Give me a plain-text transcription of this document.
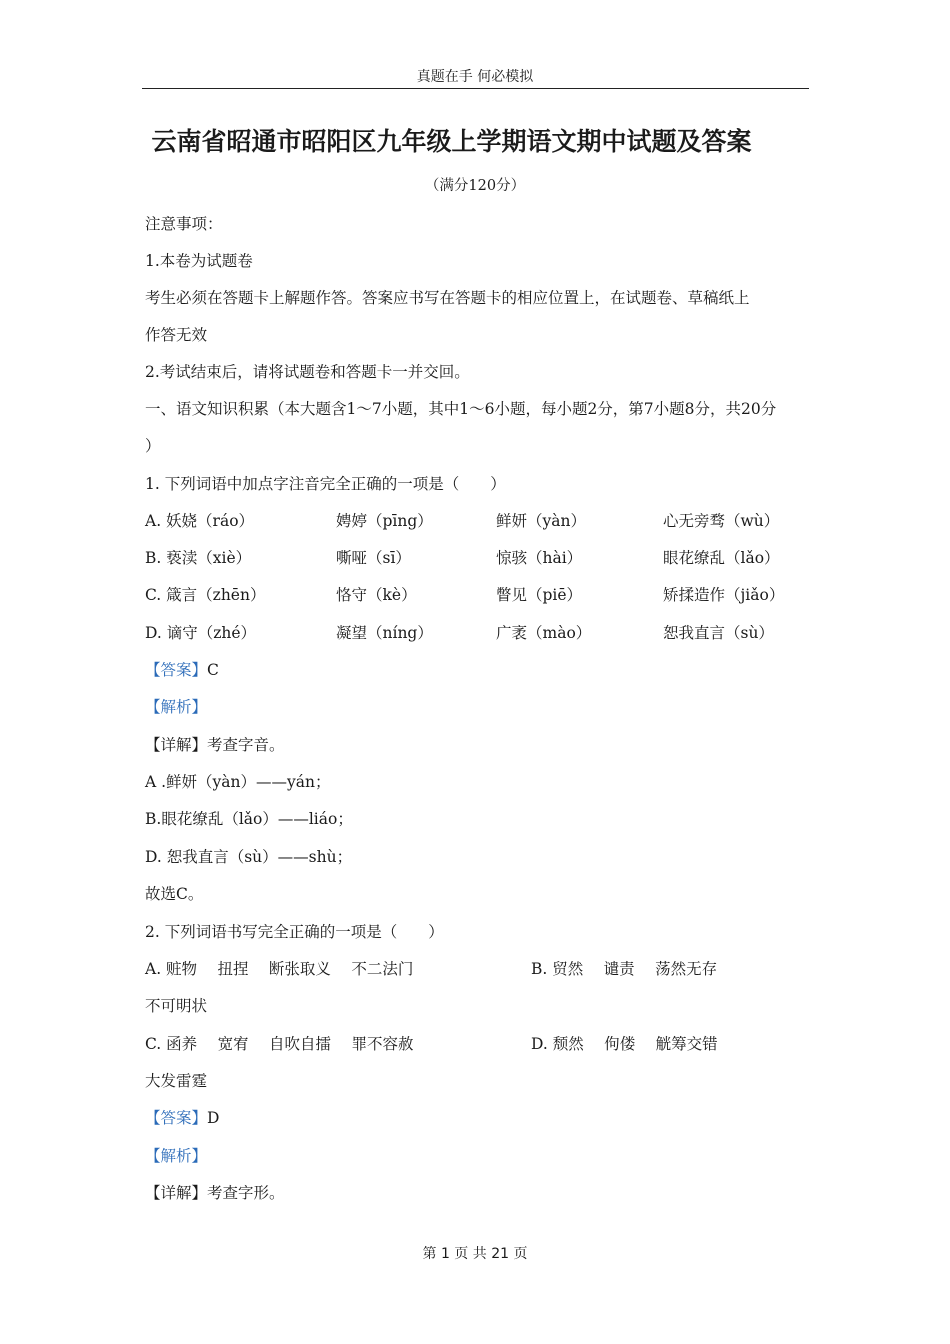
真题在手 何必模拟
云南省昭通市昭阳区九年级上学期语文期中试题及答案
（满分120分）
注意事项：
1.本卷为试题卷
考生必须在答题卡上解题作答。答案应书写在答题卡的相应位置上，在试题卷、草稿纸上
作答无效
2.考试结束后，请将试题卷和答题卡一并交回。
一、语文知识积累（本大题含1～7小题，其中1～6小题，每小题2分，第7小题8分，共20分
）
1. 下列词语中加点字注音完全正确的一项是（　　）
A. 妖娆（ráo）	娉婷（pīng）	鲜妍（yàn）	心无旁骛（wù）
B. 亵渎（xiè）	嘶哑（sī）	惊骇（hài）	眼花缭乱（lǎo）
C. 箴言（zhēn）	恪守（kè）	瞥见（piē）	矫揉造作（jiǎo）
D. 谪守（zhé）	凝望（níng）	广袤（mào）	恕我直言（sù）
【答案】C
【解析】
【详解】考查字音。
A .鲜妍（yàn）——yán；
B.眼花缭乱（lǎo）——liáo；
D. 恕我直言（sù）——shù；
故选C。
2. 下列词语书写完全正确的一项是（　　）
A. 赃物　 扭捏　 断张取义　 不二法门	B. 贸然　 谴责　 荡然无存
不可明状
C. 函养　 宽宥　 自吹自擂　 罪不容赦	D. 颓然　 佝偻　 觥筹交错
大发雷霆
【答案】D
【解析】
【详解】考查字形。
第 1 页 共 21 页
